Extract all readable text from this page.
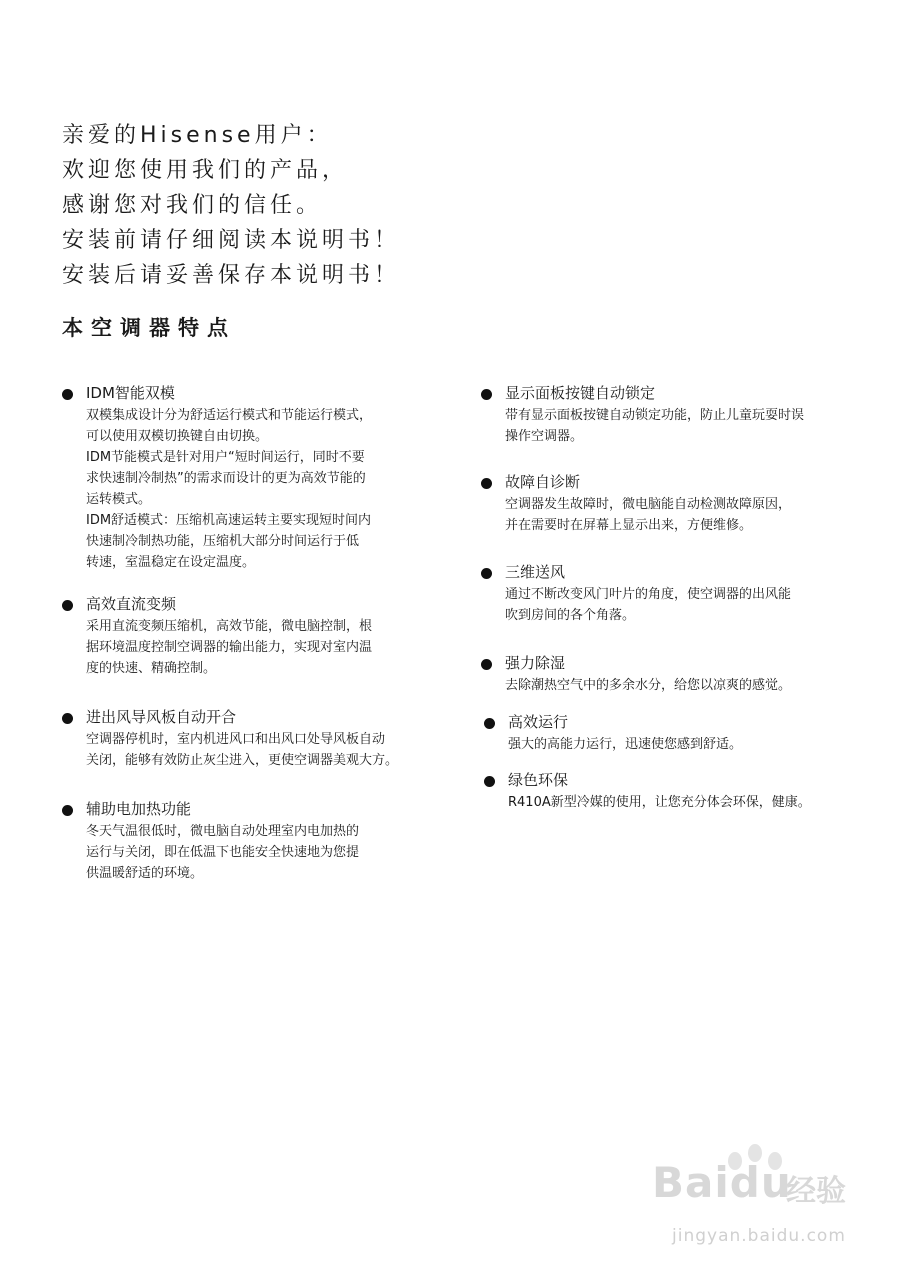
亲爱的Hisense用户：
欢迎您使用我们的产品，
感谢您对我们的信任。
安装前请仔细阅读本说明书！
安装后请妥善保存本说明书！
本空调器特点
IDM智能双模
双模集成设计分为舒适运行模式和节能运行模式，
可以使用双模切换键自由切换。
IDM节能模式是针对用户“短时间运行，同时不要
求快速制冷制热”的需求而设计的更为高效节能的
运转模式。
IDM舒适模式：压缩机高速运转主要实现短时间内
快速制冷制热功能，压缩机大部分时间运行于低
转速，室温稳定在设定温度。
高效直流变频
采用直流变频压缩机，高效节能，微电脑控制，根
据环境温度控制空调器的输出能力，实现对室内温
度的快速、精确控制。
进出风导风板自动开合
空调器停机时，室内机进风口和出风口处导风板自动
关闭，能够有效防止灰尘进入，更使空调器美观大方。
辅助电加热功能
冬天气温很低时，微电脑自动处理室内电加热的
运行与关闭，即在低温下也能安全快速地为您提
供温暖舒适的环境。
显示面板按键自动锁定
带有显示面板按键自动锁定功能，防止儿童玩耍时误
操作空调器。
故障自诊断
空调器发生故障时，微电脑能自动检测故障原因，
并在需要时在屏幕上显示出来，方便维修。
三维送风
通过不断改变风门叶片的角度，使空调器的出风能
吹到房间的各个角落。
强力除湿
去除潮热空气中的多余水分，给您以凉爽的感觉。
高效运行
强大的高能力运行，迅速使您感到舒适。
绿色环保
R410A新型冷媒的使用，让您充分体会环保，健康。
Baidu
经验
jingyan.baidu.com
